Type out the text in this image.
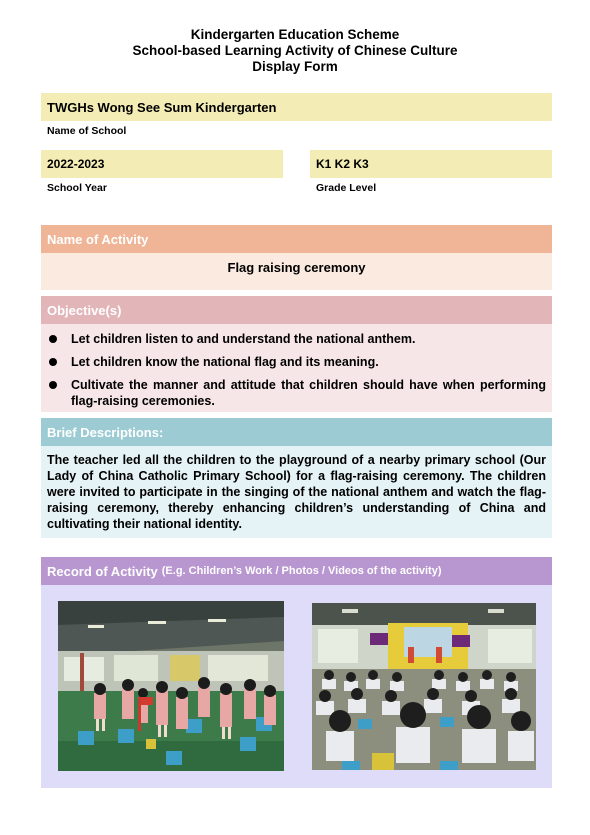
Kindergarten Education Scheme
School-based Learning Activity of Chinese Culture
Display Form
TWGHs Wong See Sum Kindergarten
Name of School
2022-2023
School Year
K1 K2 K3
Grade Level
Name of Activity
Flag raising ceremony
Objective(s)
Let children listen to and understand the national anthem.
Let children know the national flag and its meaning.
Cultivate the manner and attitude that children should have when performing flag-raising ceremonies.
Brief Descriptions:
The teacher led all the children to the playground of a nearby primary school (Our Lady of China Catholic Primary School) for a flag-raising ceremony. The children were invited to participate in the singing of the national anthem and watch the flag-raising ceremony, thereby enhancing children’s understanding of China and cultivating their national identity.
Record of Activity (E.g. Children’s Work / Photos / Videos of the activity)
